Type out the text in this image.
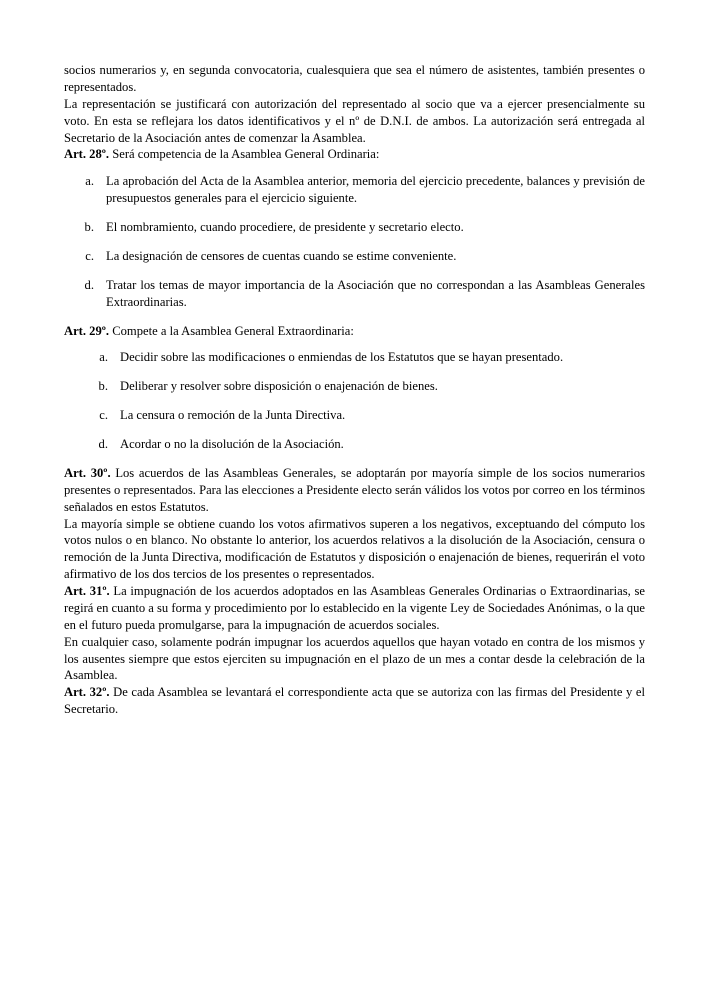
socios numerarios y, en segunda convocatoria, cualesquiera que sea el número de asistentes, también presentes o representados.

La representación se justificará con autorización del representado al socio que va a ejercer presencialmente su voto. En esta se reflejara los datos identificativos y el nº de D.N.I. de ambos. La autorización será entregada al Secretario de la Asociación antes de comenzar la Asamblea.

Art. 28º. Será competencia de la Asamblea General Ordinaria:

a. La aprobación del Acta de la Asamblea anterior, memoria del ejercicio precedente, balances y previsión de presupuestos generales para el ejercicio siguiente.
b. El nombramiento, cuando procediere, de presidente y secretario electo.
c. La designación de censores de cuentas cuando se estime conveniente.
d. Tratar los temas de mayor importancia de la Asociación que no correspondan a las Asambleas Generales Extraordinarias.

Art. 29º. Compete a la Asamblea General Extraordinaria:

a. Decidir sobre las modificaciones o enmiendas de los Estatutos que se hayan presentado.
b. Deliberar y resolver sobre disposición o enajenación de bienes.
c. La censura o remoción de la Junta Directiva.
d. Acordar o no la disolución de la Asociación.

Art. 30º. Los acuerdos de las Asambleas Generales, se adoptarán por mayoría simple de los socios numerarios presentes o representados. Para las elecciones a Presidente electo serán válidos los votos por correo en los términos señalados en estos Estatutos.

La mayoría simple se obtiene cuando los votos afirmativos superen a los negativos, exceptuando del cómputo los votos nulos o en blanco. No obstante lo anterior, los acuerdos relativos a la disolución de la Asociación, censura o remoción de la Junta Directiva, modificación de Estatutos y disposición o enajenación de bienes, requerirán el voto afirmativo de los dos tercios de los presentes o representados.

Art. 31º. La impugnación de los acuerdos adoptados en las Asambleas Generales Ordinarias o Extraordinarias, se regirá en cuanto a su forma y procedimiento por lo establecido en la vigente Ley de Sociedades Anónimas, o la que en el futuro pueda promulgarse, para la impugnación de acuerdos sociales.

En cualquier caso, solamente podrán impugnar los acuerdos aquellos que hayan votado en contra de los mismos y los ausentes siempre que estos ejerciten su impugnación en el plazo de un mes a contar desde la celebración de la Asamblea.

Art. 32º. De cada Asamblea se levantará el correspondiente acta que se autoriza con las firmas del Presidente y el Secretario.
